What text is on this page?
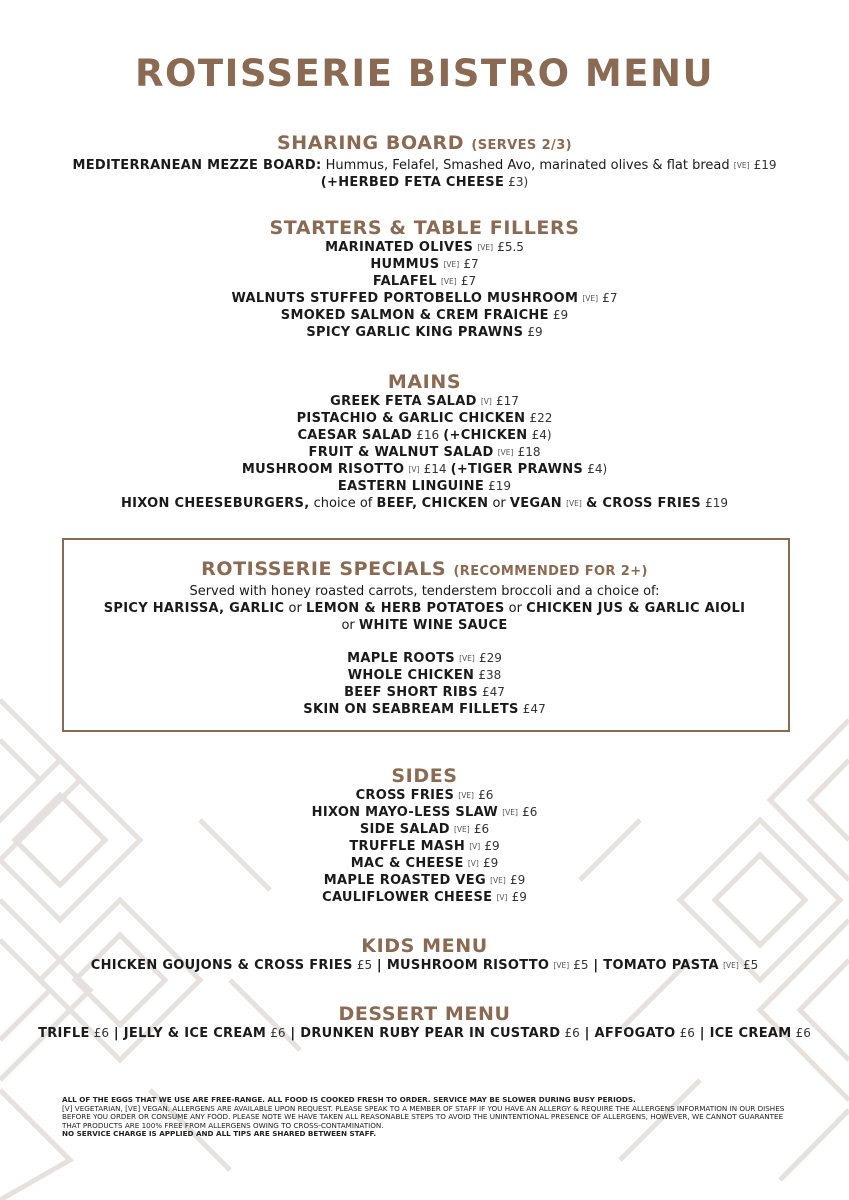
ROTISSERIE BISTRO MENU
SHARING BOARD (SERVES 2/3)
MEDITERRANEAN MEZZE BOARD: Hummus, Felafel, Smashed Avo, marinated olives & flat bread [VE] £19
(+HERBED FETA CHEESE £3)
STARTERS & TABLE FILLERS
MARINATED OLIVES [VE] £5.5
HUMMUS [VE] £7
FALAFEL [VE] £7
WALNUTS STUFFED PORTOBELLO MUSHROOM [VE] £7
SMOKED SALMON & CREM FRAICHE £9
SPICY GARLIC KING PRAWNS £9
MAINS
GREEK FETA SALAD [V] £17
PISTACHIO & GARLIC CHICKEN £22
CAESAR SALAD £16 (+CHICKEN £4)
FRUIT & WALNUT SALAD [VE] £18
MUSHROOM RISOTTO [V] £14 (+TIGER PRAWNS £4)
EASTERN LINGUINE £19
HIXON CHEESEBURGERS, choice of BEEF, CHICKEN or VEGAN [VE] & CROSS FRIES £19
ROTISSERIE SPECIALS (RECOMMENDED FOR 2+)
Served with honey roasted carrots, tenderstem broccoli and a choice of:
SPICY HARISSA, GARLIC or LEMON & HERB POTATOES or CHICKEN JUS & GARLIC AIOLI
or WHITE WINE SAUCE
MAPLE ROOTS [VE] £29
WHOLE CHICKEN £38
BEEF SHORT RIBS £47
SKIN ON SEABREAM FILLETS £47
SIDES
CROSS FRIES [VE] £6
HIXON MAYO-LESS SLAW [VE] £6
SIDE SALAD [VE] £6
TRUFFLE MASH [V] £9
MAC & CHEESE [V] £9
MAPLE ROASTED VEG [VE] £9
CAULIFLOWER CHEESE [V] £9
KIDS MENU
CHICKEN GOUJONS & CROSS FRIES £5 | MUSHROOM RISOTTO [VE] £5 | TOMATO PASTA [VE] £5
DESSERT MENU
TRIFLE £6 | JELLY & ICE CREAM £6 | DRUNKEN RUBY PEAR IN CUSTARD £6 | AFFOGATO £6 | ICE CREAM £6
ALL OF THE EGGS THAT WE USE ARE FREE-RANGE. ALL FOOD IS COOKED FRESH TO ORDER. SERVICE MAY BE SLOWER DURING BUSY PERIODS.
[V] VEGETARIAN, [VE] VEGAN. ALLERGENS ARE AVAILABLE UPON REQUEST. PLEASE SPEAK TO A MEMBER OF STAFF IF YOU HAVE AN ALLERGY & REQUIRE THE ALLERGENS INFORMATION IN OUR DISHES BEFORE YOU ORDER OR CONSUME ANY FOOD. PLEASE NOTE WE HAVE TAKEN ALL REASONABLE STEPS TO AVOID THE UNINTENTIONAL PRESENCE OF ALLERGENS, HOWEVER, WE CANNOT GUARANTEE THAT PRODUCTS ARE 100% FREE FROM ALLERGENS OWING TO CROSS-CONTAMINATION.
NO SERVICE CHARGE IS APPLIED AND ALL TIPS ARE SHARED BETWEEN STAFF.
